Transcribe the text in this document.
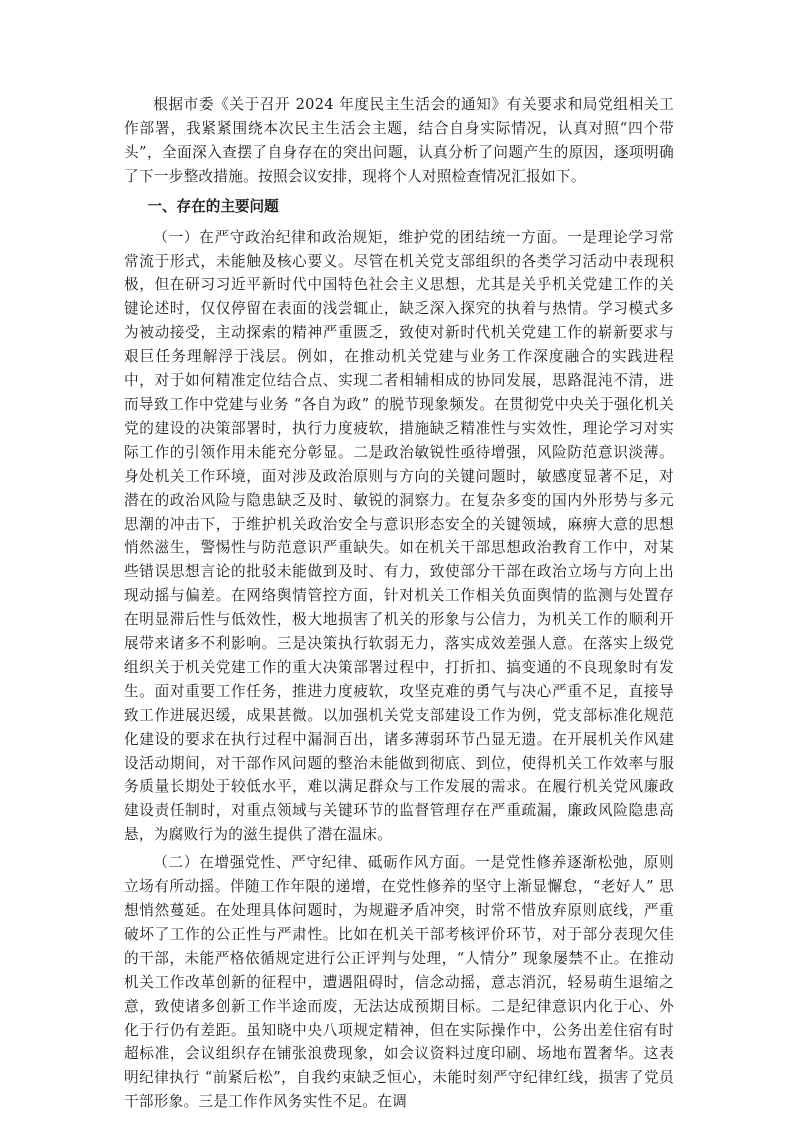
根据市委《关于召开 2024 年度民主生活会的通知》有关要求和局党组相关工作部署，我紧紧围绕本次民主生活会主题，结合自身实际情况，认真对照“四个带头”，全面深入查摆了自身存在的突出问题，认真分析了问题产生的原因，逐项明确了下一步整改措施。按照会议安排，现将个人对照检查情况汇报如下。

一、存在的主要问题

（一）在严守政治纪律和政治规矩，维护党的团结统一方面。一是理论学习常常流于形式，未能触及核心要义。尽管在机关党支部组织的各类学习活动中表现积极，但在研习习近平新时代中国特色社会主义思想，尤其是关乎机关党建工作的关键论述时，仅仅停留在表面的浅尝辄止，缺乏深入探究的执着与热情。学习模式多为被动接受，主动探索的精神严重匮乏，致使对新时代机关党建工作的崭新要求与艰巨任务理解浮于浅层。例如，在推动机关党建与业务工作深度融合的实践进程中，对于如何精准定位结合点、实现二者相辅相成的协同发展，思路混沌不清，进而导致工作中党建与业务 “各自为政” 的脱节现象频发。在贯彻党中央关于强化机关党的建设的决策部署时，执行力度疲软，措施缺乏精准性与实效性，理论学习对实际工作的引领作用未能充分彰显。二是政治敏锐性亟待增强，风险防范意识淡薄。身处机关工作环境，面对涉及政治原则与方向的关键问题时，敏感度显著不足，对潜在的政治风险与隐患缺乏及时、敏锐的洞察力。在复杂多变的国内外形势与多元思潮的冲击下，于维护机关政治安全与意识形态安全的关键领域，麻痹大意的思想悄然滋生，警惕性与防范意识严重缺失。如在机关干部思想政治教育工作中，对某些错误思想言论的批驳未能做到及时、有力，致使部分干部在政治立场与方向上出现动摇与偏差。在网络舆情管控方面，针对机关工作相关负面舆情的监测与处置存在明显滞后性与低效性，极大地损害了机关的形象与公信力，为机关工作的顺利开展带来诸多不利影响。三是决策执行软弱无力，落实成效差强人意。在落实上级党组织关于机关党建工作的重大决策部署过程中，打折扣、搞变通的不良现象时有发生。面对重要工作任务，推进力度疲软，攻坚克难的勇气与决心严重不足，直接导致工作进展迟缓，成果甚微。以加强机关党支部建设工作为例，党支部标准化规范化建设的要求在执行过程中漏洞百出，诸多薄弱环节凸显无遗。在开展机关作风建设活动期间，对干部作风问题的整治未能做到彻底、到位，使得机关工作效率与服务质量长期处于较低水平，难以满足群众与工作发展的需求。在履行机关党风廉政建设责任制时，对重点领域与关键环节的监督管理存在严重疏漏，廉政风险隐患高悬，为腐败行为的滋生提供了潜在温床。

（二）在增强党性、严守纪律、砥砺作风方面。一是党性修养逐渐松弛，原则立场有所动摇。伴随工作年限的递增，在党性修养的坚守上渐显懈怠，“老好人” 思想悄然蔓延。在处理具体问题时，为规避矛盾冲突，时常不惜放弃原则底线，严重破坏了工作的公正性与严肃性。比如在机关干部考核评价环节，对于部分表现欠佳的干部，未能严格依循规定进行公正评判与处理，“人情分” 现象屡禁不止。在推动机关工作改革创新的征程中，遭遇阻碍时，信念动摇，意志消沉，轻易萌生退缩之意，致使诸多创新工作半途而废，无法达成预期目标。二是纪律意识内化于心、外化于行仍有差距。虽知晓中央八项规定精神，但在实际操作中，公务出差住宿有时超标准，会议组织存在铺张浪费现象，如会议资料过度印刷、场地布置奢华。这表明纪律执行 “前紧后松”，自我约束缺乏恒心，未能时刻严守纪律红线，损害了党员干部形象。三是工作作风务实性不足。在调
